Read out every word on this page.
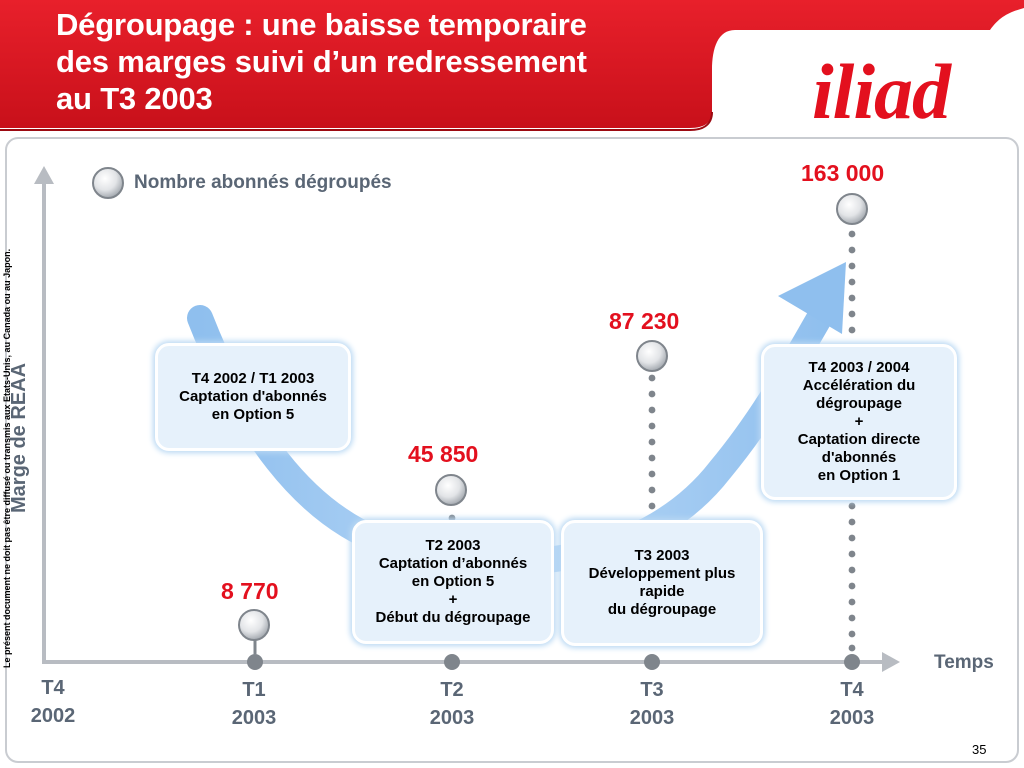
Dégroupage : une baisse temporaire
des marges suivi d’un redressement
au T3 2003	iliad
Nombre abonnés dégroupés
8 770
45 850
87 230
163 000
T4 2002 / T1 2003
Captation d'abonnés
en Option 5
T2 2003
Captation d’abonnés
en Option 5
+
Début du dégroupage
T3 2003
Développement plus
rapide
du dégroupage
T4 2003 / 2004
Accélération du
dégroupage
+
Captation directe
d'abonnés
en Option 1
Marge de REAA
Temps
Le présent document ne doit pas être diffusé ou transmis aux Etats-Unis, au Canada ou au Japon.
T4
2002
T1
2003
T2
2003
T3
2003
T4
2003
35
